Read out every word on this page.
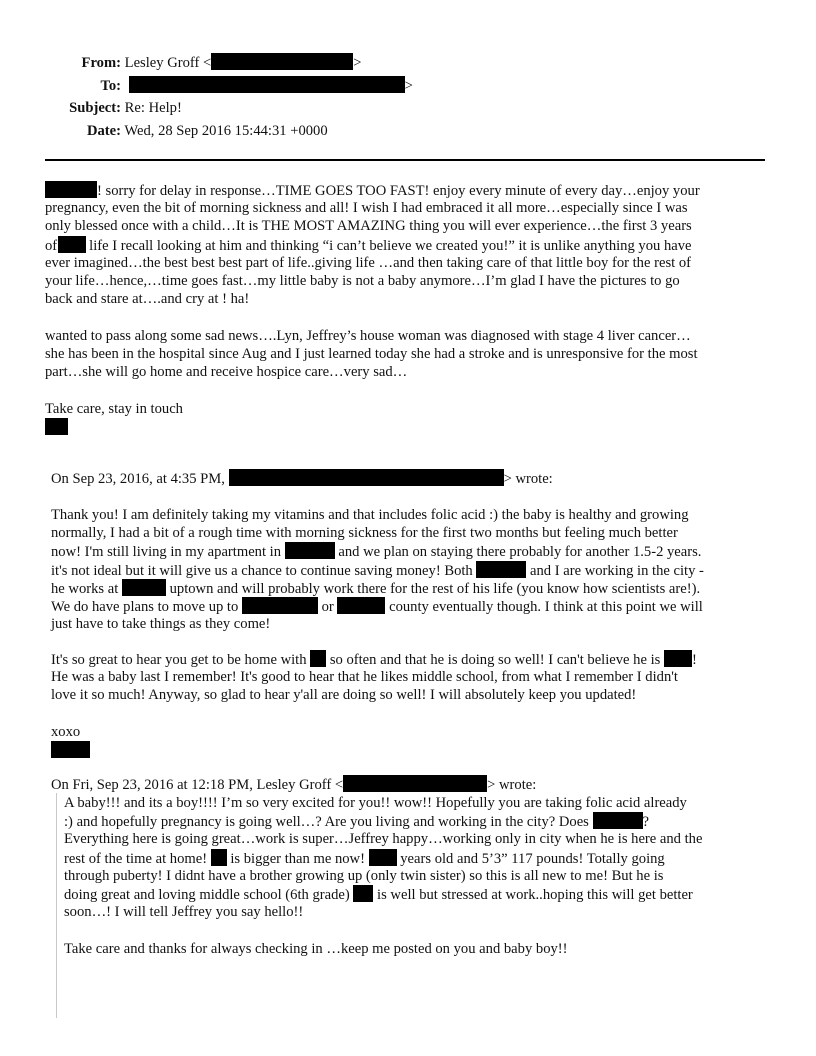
From: Lesley Groff <	>
To:	>
Subject: Re: Help!
Date: Wed, 28 Sep 2016 15:44:31 +0000
! sorry for delay in response…TIME GOES TOO FAST! enjoy every minute of every day…enjoy your
pregnancy, even the bit of morning sickness and all! I wish I had embraced it all more…especially since I was
only blessed once with a child…It is THE MOST AMAZING thing you will ever experience…the first 3 years
of life I recall looking at him and thinking “i can’t believe we created you!” it is unlike anything you have
ever imagined…the best best best part of life..giving life …and then taking care of that little boy for the rest of
your life…hence,…time goes fast…my little baby is not a baby anymore…I’m glad I have the pictures to go
back and stare at….and cry at ! ha!
wanted to pass along some sad news….Lyn, Jeffrey’s house woman was diagnosed with stage 4 liver cancer…
she has been in the hospital since Aug and I just learned today she had a stroke and is unresponsive for the most
part…she will go home and receive hospice care…very sad…
Take care, stay in touch
On Sep 23, 2016, at 4:35 PM,	> wrote:
Thank you! I am definitely taking my vitamins and that includes folic acid :) the baby is healthy and growing
normally, I had a bit of a rough time with morning sickness for the first two months but feeling much better
now! I'm still living in my apartment in	and we plan on staying there probably for another 1.5-2 years.
it's not ideal but it will give us a chance to continue saving money! Both	and I are working in the city -
he works at	uptown and will probably work there for the rest of his life (you know how scientists are!).
We do have plans to move up to	or	county eventually though. I think at this point we will
just have to take things as they come!
It's so great to hear you get to be home with so often and that he is doing so well! I can't believe he is !
He was a baby last I remember! It's good to hear that he likes middle school, from what I remember I didn't
love it so much! Anyway, so glad to hear y'all are doing so well! I will absolutely keep you updated!
xoxo
On Fri, Sep 23, 2016 at 12:18 PM, Lesley Groff <	> wrote:
A baby!!! and its a boy!!!! I’m so very excited for you!! wow!! Hopefully you are taking folic acid already
:) and hopefully pregnancy is going well…? Are you living and working in the city? Does	?
Everything here is going great…work is super…Jeffrey happy…working only in city when he is here and the
rest of the time at home! is bigger than me now! years old and 5’3” 117 pounds! Totally going
through puberty! I didnt have a brother growing up (only twin sister) so this is all new to me! But he is
doing great and loving middle school (6th grade) is well but stressed at work..hoping this will get better
soon…! I will tell Jeffrey you say hello!!
Take care and thanks for always checking in …keep me posted on you and baby boy!!
